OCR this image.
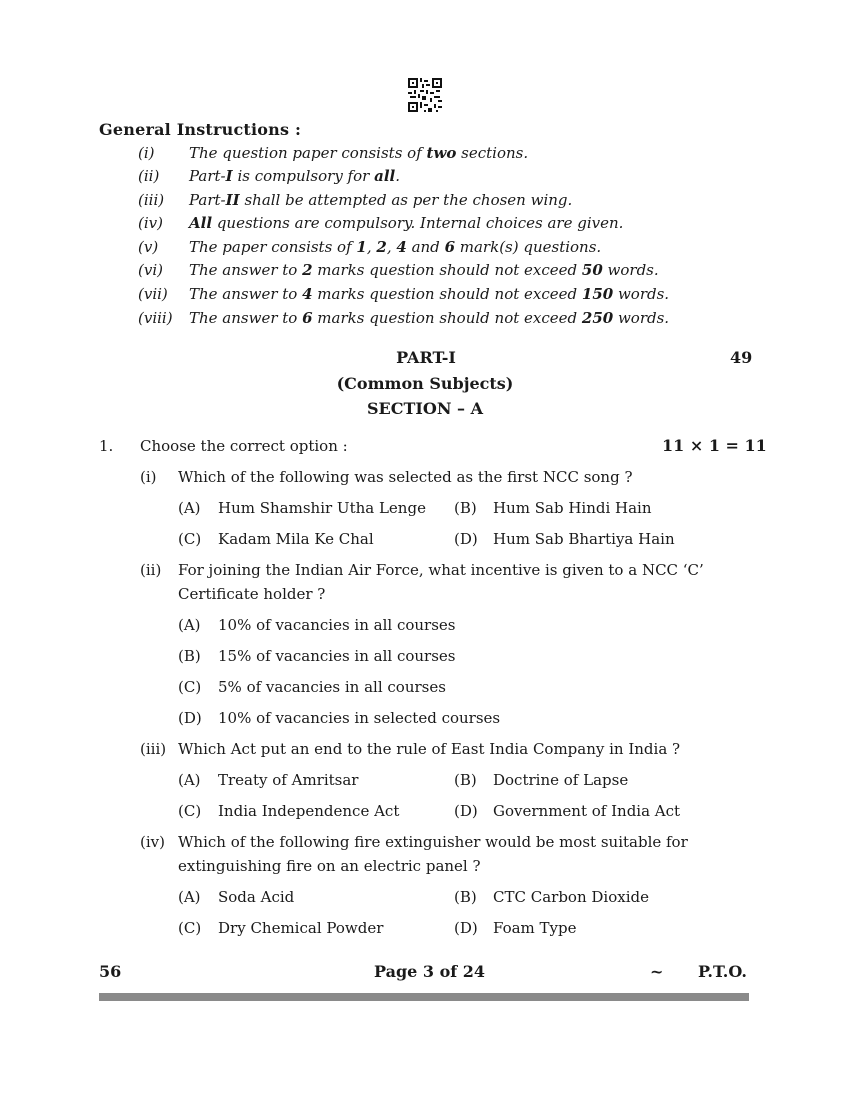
General Instructions :
(i) The question paper consists of two sections.
(ii) Part-I is compulsory for all.
(iii) Part-II shall be attempted as per the chosen wing.
(iv) All questions are compulsory. Internal choices are given.
(v) The paper consists of 1, 2, 4 and 6 mark(s) questions.
(vi) The answer to 2 marks question should not exceed 50 words.
(vii) The answer to 4 marks question should not exceed 150 words.
(viii) The answer to 6 marks question should not exceed 250 words.
PART-I	49
(Common Subjects)
SECTION – A
1. Choose the correct option :	11 × 1 = 11
(i) Which of the following was selected as the first NCC song ?
(A) Hum Shamshir Utha Lenge (B) Hum Sab Hindi Hain
(C) Kadam Mila Ke Chal	(D) Hum Sab Bhartiya Hain
(ii) For joining the Indian Air Force, what incentive is given to a NCC ‘C’
Certificate holder ?
(A) 10% of vacancies in all courses
(B) 15% of vacancies in all courses
(C) 5% of vacancies in all courses
(D) 10% of vacancies in selected courses
(iii) Which Act put an end to the rule of East India Company in India ?
(A) Treaty of Amritsar	(B) Doctrine of Lapse
(C) India Independence Act	(D) Government of India Act
(iv) Which of the following fire extinguisher would be most suitable for
extinguishing fire on an electric panel ?
(A) Soda Acid	(B) CTC Carbon Dioxide
(C) Dry Chemical Powder	(D) Foam Type
56	Page 3 of 24	~ P.T.O.
